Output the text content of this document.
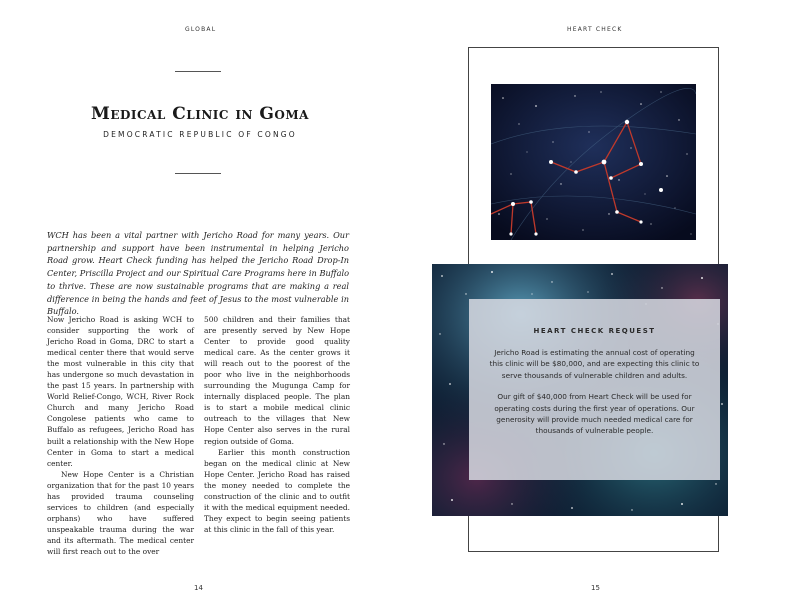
GLOBAL
Medical Clinic in Goma
DEMOCRATIC REPUBLIC OF CONGO
WCH has been a vital partner with Jericho Road for many years. Our partnership and support have been instrumental in helping Jericho Road grow. Heart Check funding has helped the Jericho Road Drop-In Center, Priscilla Project and our Spiritual Care Programs here in Buffalo to thrive. These are now sustainable programs that are making a real difference in being the hands and feet of Jesus to the most vulnerable in Buffalo.

Now Jericho Road is asking WCH to consider supporting the work of Jericho Road in Goma, DRC to start a medical center there that would serve the most vulnerable in this city that has undergone so much devastation in the past 15 years. In partnership with World Relief-Congo, WCH, River Rock Church and many Jericho Road Congolese patients who came to Buffalo as refugees, Jericho Road has built a relationship with the New Hope Center in Goma to start a medical center.

New Hope Center is a Christian organization that for the past 10 years has provided trauma counseling services to children (and especially orphans) who have suffered unspeakable trauma during the war and its aftermath. The medical center will first reach out to the over

500 children and their families that are presently served by New Hope Center to provide good quality medical care. As the center grows it will reach out to the poorest of the poor who live in the neighborhoods surrounding the Mugunga Camp for internally displaced people. The plan is to start a mobile medical clinic outreach to the villages that New Hope Center also serves in the rural region outside of Goma.

Earlier this month construction began on the medical clinic at New Hope Center. Jericho Road has raised the money needed to complete the construction of the clinic and to outfit it with the medical equipment needed. They expect to begin seeing patients at this clinic in the fall of this year.

14
HEART CHECK
HEART CHECK REQUEST

Jericho Road is estimating the annual cost of operating this clinic will be $80,000, and are expecting this clinic to serve thousands of vulnerable children and adults.

Our gift of $40,000 from Heart Check will be used for operating costs during the first year of operations. Our generosity will provide much needed medical care for thousands of vulnerable people.

15
